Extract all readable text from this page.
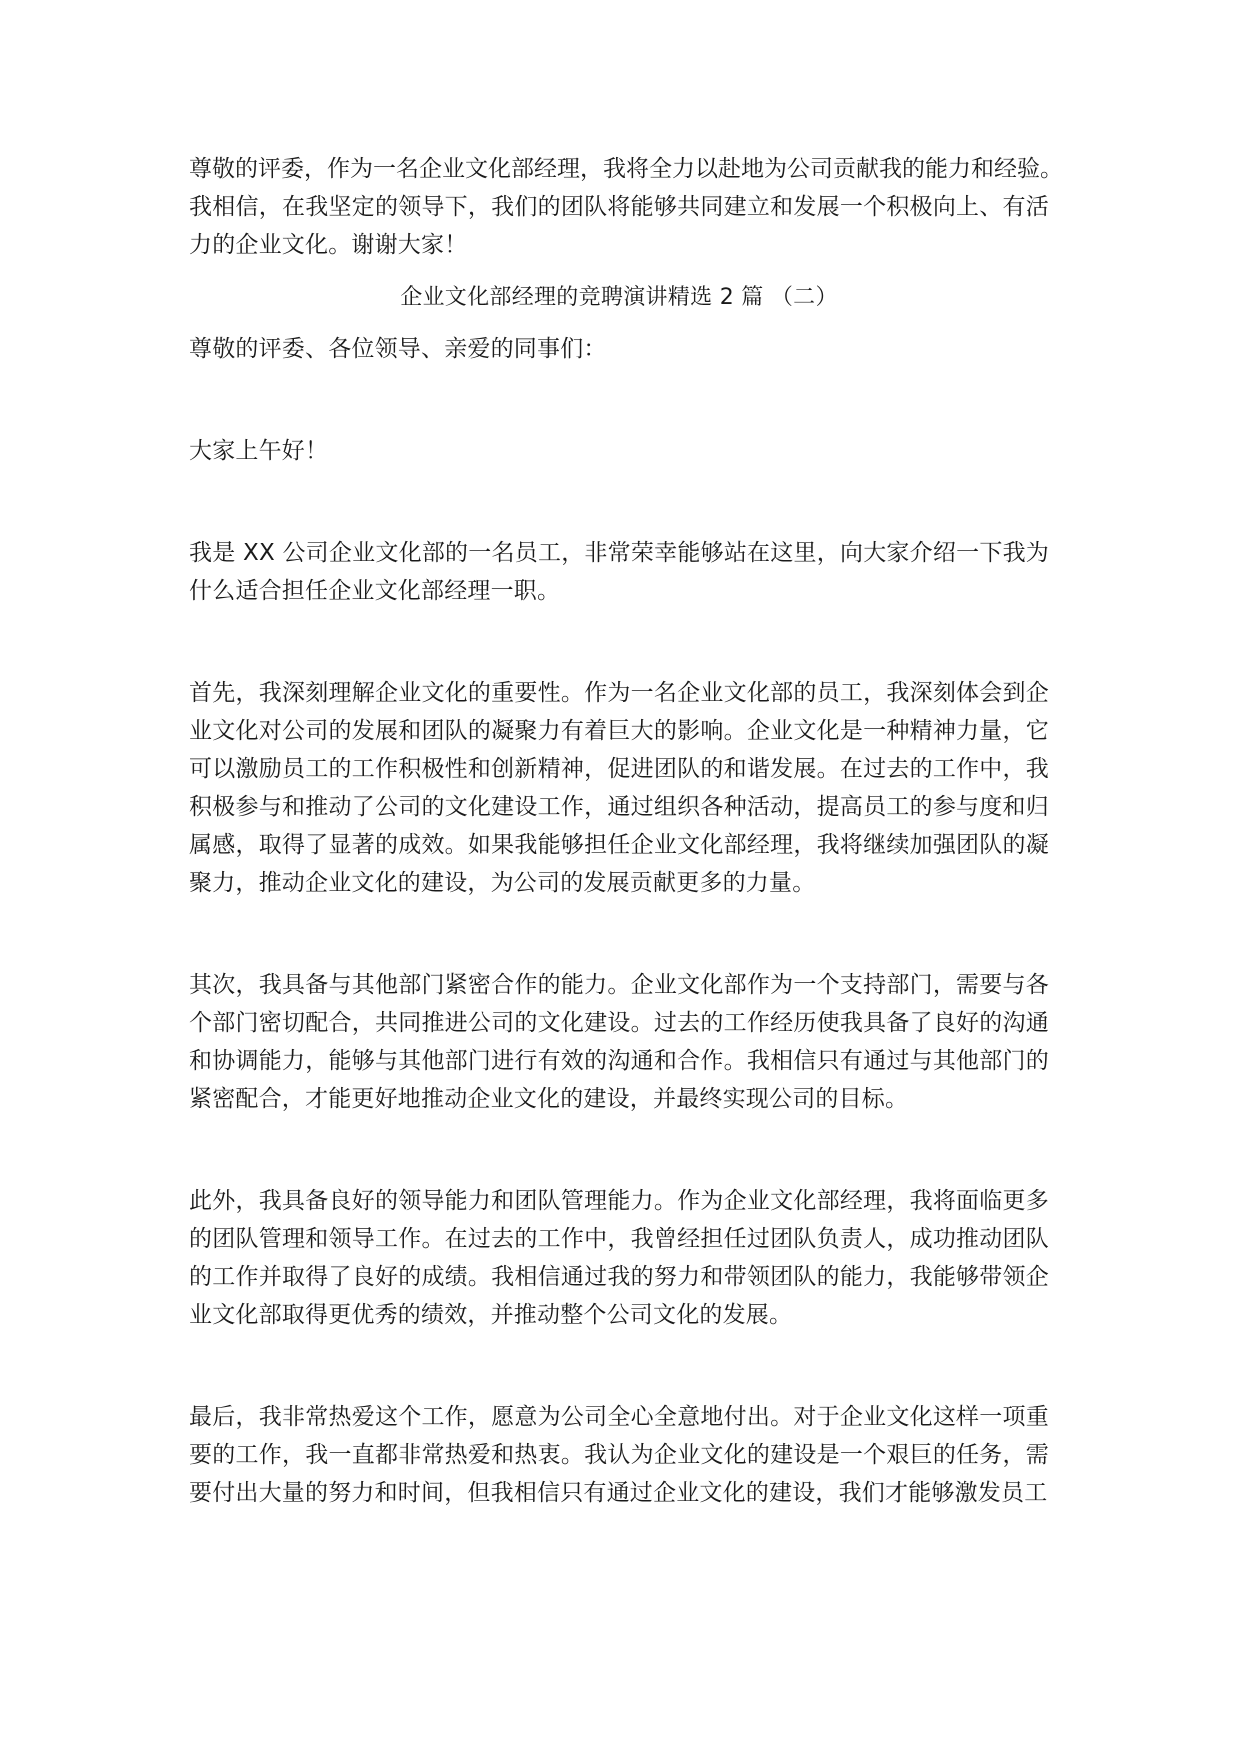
尊敬的评委，作为一名企业文化部经理，我将全力以赴地为公司贡献我的能力和经验。

我相信，在我坚定的领导下，我们的团队将能够共同建立和发展一个积极向上、有活力的企业文化。谢谢大家！

企业文化部经理的竞聘演讲精选 2 篇 （二）

尊敬的评委、各位领导、亲爱的同事们：

大家上午好！

我是 XX 公司企业文化部的一名员工，非常荣幸能够站在这里，向大家介绍一下我为什么适合担任企业文化部经理一职。

首先，我深刻理解企业文化的重要性。作为一名企业文化部的员工，我深刻体会到企业文化对公司的发展和团队的凝聚力有着巨大的影响。企业文化是一种精神力量，它可以激励员工的工作积极性和创新精神，促进团队的和谐发展。在过去的工作中，我积极参与和推动了公司的文化建设工作，通过组织各种活动，提高员工的参与度和归属感，取得了显著的成效。如果我能够担任企业文化部经理，我将继续加强团队的凝聚力，推动企业文化的建设，为公司的发展贡献更多的力量。

其次，我具备与其他部门紧密合作的能力。企业文化部作为一个支持部门，需要与各个部门密切配合，共同推进公司的文化建设。过去的工作经历使我具备了良好的沟通和协调能力，能够与其他部门进行有效的沟通和合作。我相信只有通过与其他部门的紧密配合，才能更好地推动企业文化的建设，并最终实现公司的目标。

此外，我具备良好的领导能力和团队管理能力。作为企业文化部经理，我将面临更多的团队管理和领导工作。在过去的工作中，我曾经担任过团队负责人，成功推动团队的工作并取得了良好的成绩。我相信通过我的努力和带领团队的能力，我能够带领企业文化部取得更优秀的绩效，并推动整个公司文化的发展。

最后，我非常热爱这个工作，愿意为公司全心全意地付出。对于企业文化这样一项重要的工作，我一直都非常热爱和热衷。我认为企业文化的建设是一个艰巨的任务，需要付出大量的努力和时间，但我相信只有通过企业文化的建设，我们才能够激发员工
